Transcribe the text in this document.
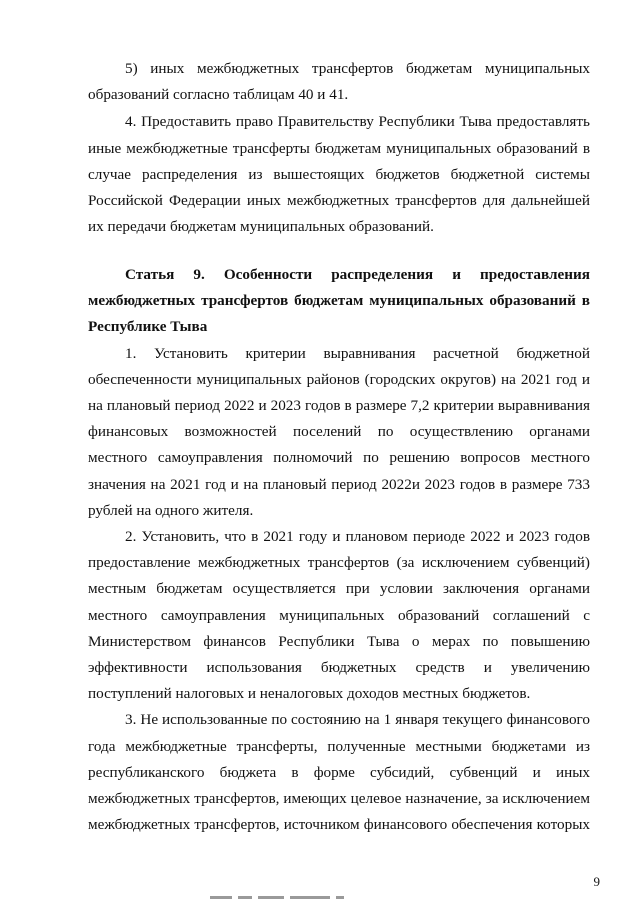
5) иных межбюджетных трансфертов бюджетам муниципальных образований согласно таблицам 40 и 41.

4. Предоставить право Правительству Республики Тыва предоставлять иные межбюджетные трансферты бюджетам муниципальных образований в случае распределения из вышестоящих бюджетов бюджетной системы Российской Федерации иных межбюджетных трансфертов для дальнейшей их передачи бюджетам муниципальных образований.

Статья 9. Особенности распределения и предоставления межбюджетных трансфертов бюджетам муниципальных образований в Республике Тыва

1. Установить критерии выравнивания расчетной бюджетной обеспеченности муниципальных районов (городских округов) на 2021 год и на плановый период 2022 и 2023 годов в размере 7,2 критерии выравнивания финансовых возможностей поселений по осуществлению органами местного самоуправления полномочий по решению вопросов местного значения на 2021 год и на плановый период 2022и 2023 годов в размере 733 рублей на одного жителя.

2. Установить, что в 2021 году и плановом периоде 2022 и 2023 годов предоставление межбюджетных трансфертов (за исключением субвенций) местным бюджетам осуществляется при условии заключения органами местного самоуправления муниципальных образований соглашений с Министерством финансов Республики Тыва о мерах по повышению эффективности использования бюджетных средств и увеличению поступлений налоговых и неналоговых доходов местных бюджетов.

3. Не использованные по состоянию на 1 января текущего финансового года межбюджетные трансферты, полученные местными бюджетами из республиканского бюджета в форме субсидий, субвенций и иных межбюджетных трансфертов, имеющих целевое назначение, за исключением межбюджетных трансфертов, источником финансового обеспечения которых

9
